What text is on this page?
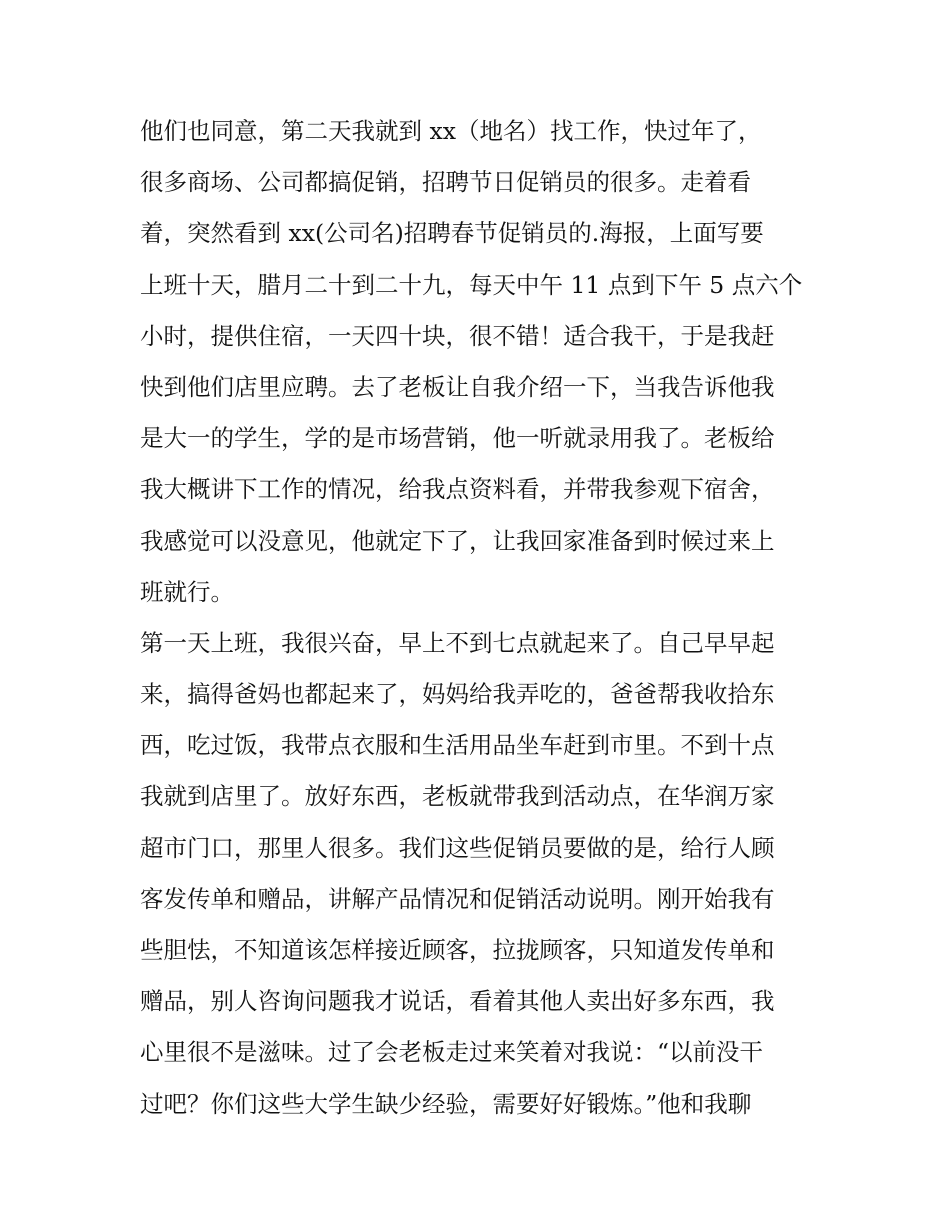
他们也同意，第二天我就到 xx（地名）找工作，快过年了，
很多商场、公司都搞促销，招聘节日促销员的很多。走着看
着，突然看到 xx(公司名)招聘春节促销员的.海报，上面写要
上班十天，腊月二十到二十九，每天中午 11 点到下午 5 点六个
小时，提供住宿，一天四十块，很不错！适合我干，于是我赶
快到他们店里应聘。去了老板让自我介绍一下，当我告诉他我
是大一的学生，学的是市场营销，他一听就录用我了。老板给
我大概讲下工作的情况，给我点资料看，并带我参观下宿舍，
我感觉可以没意见，他就定下了，让我回家准备到时候过来上
班就行。
第一天上班，我很兴奋，早上不到七点就起来了。自己早早起
来，搞得爸妈也都起来了，妈妈给我弄吃的，爸爸帮我收拾东
西，吃过饭，我带点衣服和生活用品坐车赶到市里。不到十点
我就到店里了。放好东西，老板就带我到活动点，在华润万家
超市门口，那里人很多。我们这些促销员要做的是，给行人顾
客发传单和赠品，讲解产品情况和促销活动说明。刚开始我有
些胆怯，不知道该怎样接近顾客，拉拢顾客，只知道发传单和
赠品，别人咨询问题我才说话，看着其他人卖出好多东西，我
心里很不是滋味。过了会老板走过来笑着对我说：“以前没干
过吧？你们这些大学生缺少经验，需要好好锻炼。”他和我聊
